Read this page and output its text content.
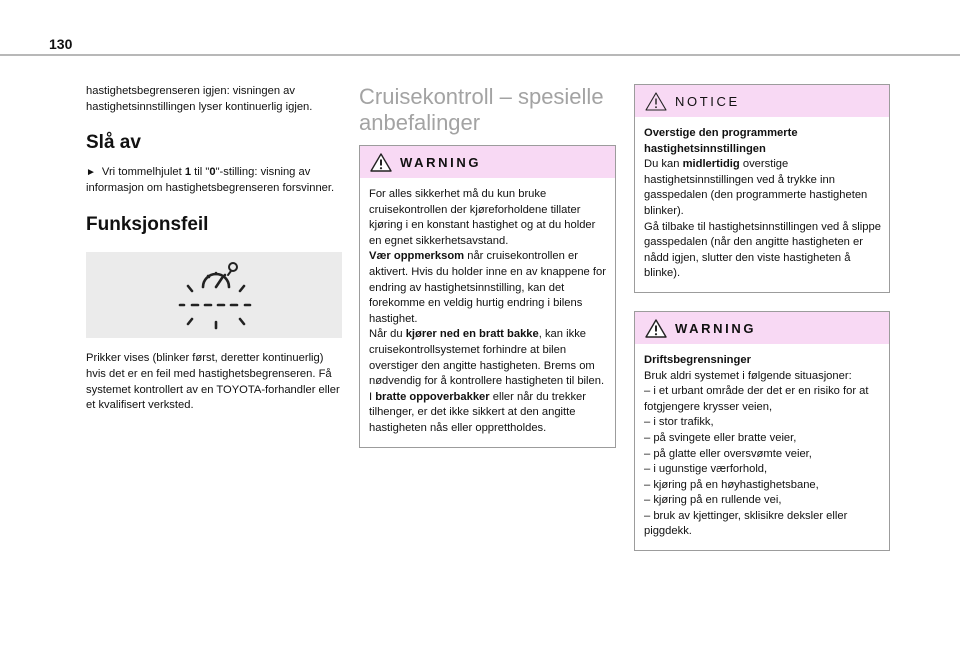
130

hastighetsbegrenseren igjen: visningen av hastighetsinnstillingen lyser kontinuerlig igjen.

Slå av

► Vri tommelhjulet 1 til "0"-stilling: visning av informasjon om hastighetsbegrenseren forsvinner.

Funksjonsfeil

Prikker vises (blinker først, deretter kontinuerlig) hvis det er en feil med hastighetsbegrenseren. Få systemet kontrollert av en TOYOTA-forhandler eller et kvalifisert verksted.

Cruisekontroll – spesielle anbefalinger
WARNING

For alles sikkerhet må du kun bruke cruisekontrollen der kjøreforholdene tillater kjøring i en konstant hastighet og at du holder en egnet sikkerhetsavstand.

Vær oppmerksom når cruisekontrollen er aktivert. Hvis du holder inne en av knappene for endring av hastighetsinnstilling, kan det forekomme en veldig hurtig endring i bilens hastighet.

Når du kjører ned en bratt bakke, kan ikke cruisekontrollsystemet forhindre at bilen overstiger den angitte hastigheten. Brems om nødvendig for å kontrollere hastigheten til bilen.

I bratte oppoverbakker eller når du trekker tilhenger, er det ikke sikkert at den angitte hastigheten nås eller opprettholdes.

NOTICE

Overstige den programmerte hastighetsinnstillingen

Du kan midlertidig overstige hastighetsinnstillingen ved å trykke inn gasspedalen (den programmerte hastigheten blinker).

Gå tilbake til hastighetsinnstillingen ved å slippe gasspedalen (når den angitte hastigheten er nådd igjen, slutter den viste hastigheten å blinke).

WARNING

Driftsbegrensninger

Bruk aldri systemet i følgende situasjoner:

– i et urbant område der det er en risiko for at fotgjengere krysser veien,

– i stor trafikk,

– på svingete eller bratte veier,

– på glatte eller oversvømte veier,

– i ugunstige værforhold,

– kjøring på en høyhastighetsbane,

– kjøring på en rullende vei,

– bruk av kjettinger, sklisikre deksler eller piggdekk.
